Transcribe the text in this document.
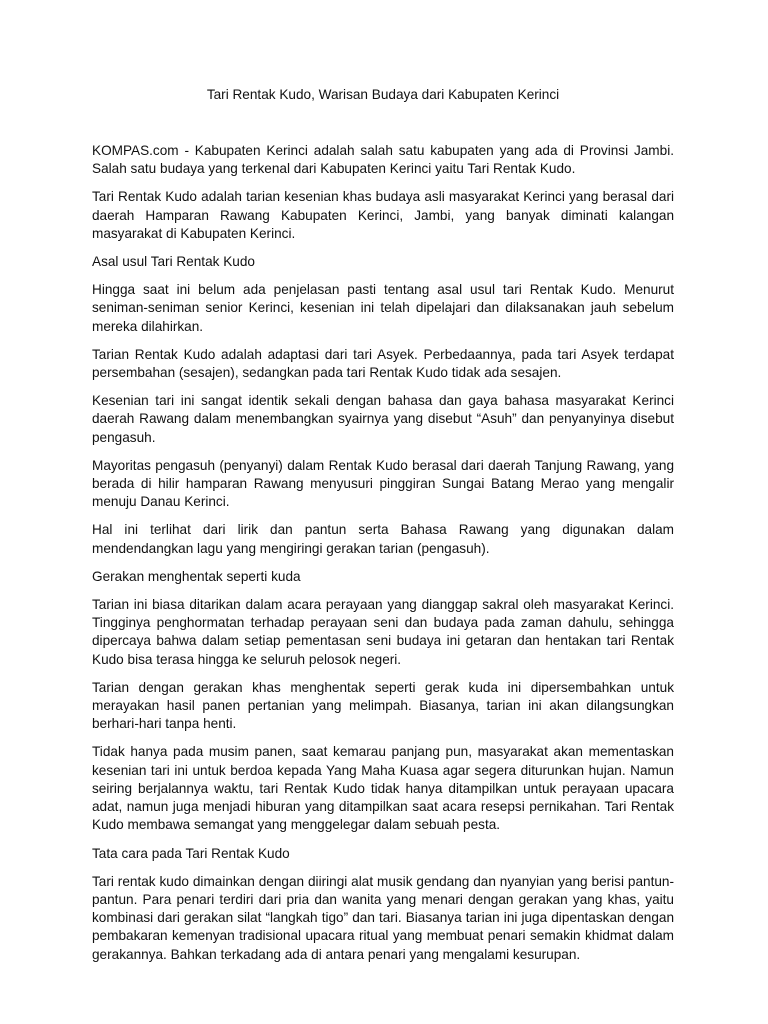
Tari Rentak Kudo, Warisan Budaya dari Kabupaten Kerinci

KOMPAS.com - Kabupaten Kerinci adalah salah satu kabupaten yang ada di Provinsi Jambi. Salah satu budaya yang terkenal dari Kabupaten Kerinci yaitu Tari Rentak Kudo.

Tari Rentak Kudo adalah tarian kesenian khas budaya asli masyarakat Kerinci yang berasal dari daerah Hamparan Rawang Kabupaten Kerinci, Jambi, yang banyak diminati kalangan masyarakat di Kabupaten Kerinci.

Asal usul Tari Rentak Kudo

Hingga saat ini belum ada penjelasan pasti tentang asal usul tari Rentak Kudo. Menurut seniman-seniman senior Kerinci, kesenian ini telah dipelajari dan dilaksanakan jauh sebelum mereka dilahirkan.

Tarian Rentak Kudo adalah adaptasi dari tari Asyek. Perbedaannya, pada tari Asyek terdapat persembahan (sesajen), sedangkan pada tari Rentak Kudo tidak ada sesajen.

Kesenian tari ini sangat identik sekali dengan bahasa dan gaya bahasa masyarakat Kerinci daerah Rawang dalam menembangkan syairnya yang disebut “Asuh” dan penyanyinya disebut pengasuh.

Mayoritas pengasuh (penyanyi) dalam Rentak Kudo berasal dari daerah Tanjung Rawang, yang berada di hilir hamparan Rawang menyusuri pinggiran Sungai Batang Merao yang mengalir menuju Danau Kerinci.

Hal ini terlihat dari lirik dan pantun serta Bahasa Rawang yang digunakan dalam mendendangkan lagu yang mengiringi gerakan tarian (pengasuh).

Gerakan menghentak seperti kuda

Tarian ini biasa ditarikan dalam acara perayaan yang dianggap sakral oleh masyarakat Kerinci. Tingginya penghormatan terhadap perayaan seni dan budaya pada zaman dahulu, sehingga dipercaya bahwa dalam setiap pementasan seni budaya ini getaran dan hentakan tari Rentak Kudo bisa terasa hingga ke seluruh pelosok negeri.

Tarian dengan gerakan khas menghentak seperti gerak kuda ini dipersembahkan untuk merayakan hasil panen pertanian yang melimpah. Biasanya, tarian ini akan dilangsungkan berhari-hari tanpa henti.

Tidak hanya pada musim panen, saat kemarau panjang pun, masyarakat akan mementaskan kesenian tari ini untuk berdoa kepada Yang Maha Kuasa agar segera diturunkan hujan. Namun seiring berjalannya waktu, tari Rentak Kudo tidak hanya ditampilkan untuk perayaan upacara adat, namun juga menjadi hiburan yang ditampilkan saat acara resepsi pernikahan. Tari Rentak Kudo membawa semangat yang menggelegar dalam sebuah pesta.

Tata cara pada Tari Rentak Kudo

Tari rentak kudo dimainkan dengan diiringi alat musik gendang dan nyanyian yang berisi pantun-pantun. Para penari terdiri dari pria dan wanita yang menari dengan gerakan yang khas, yaitu kombinasi dari gerakan silat “langkah tigo” dan tari. Biasanya tarian ini juga dipentaskan dengan pembakaran kemenyan tradisional upacara ritual yang membuat penari semakin khidmat dalam gerakannya. Bahkan terkadang ada di antara penari yang mengalami kesurupan.
